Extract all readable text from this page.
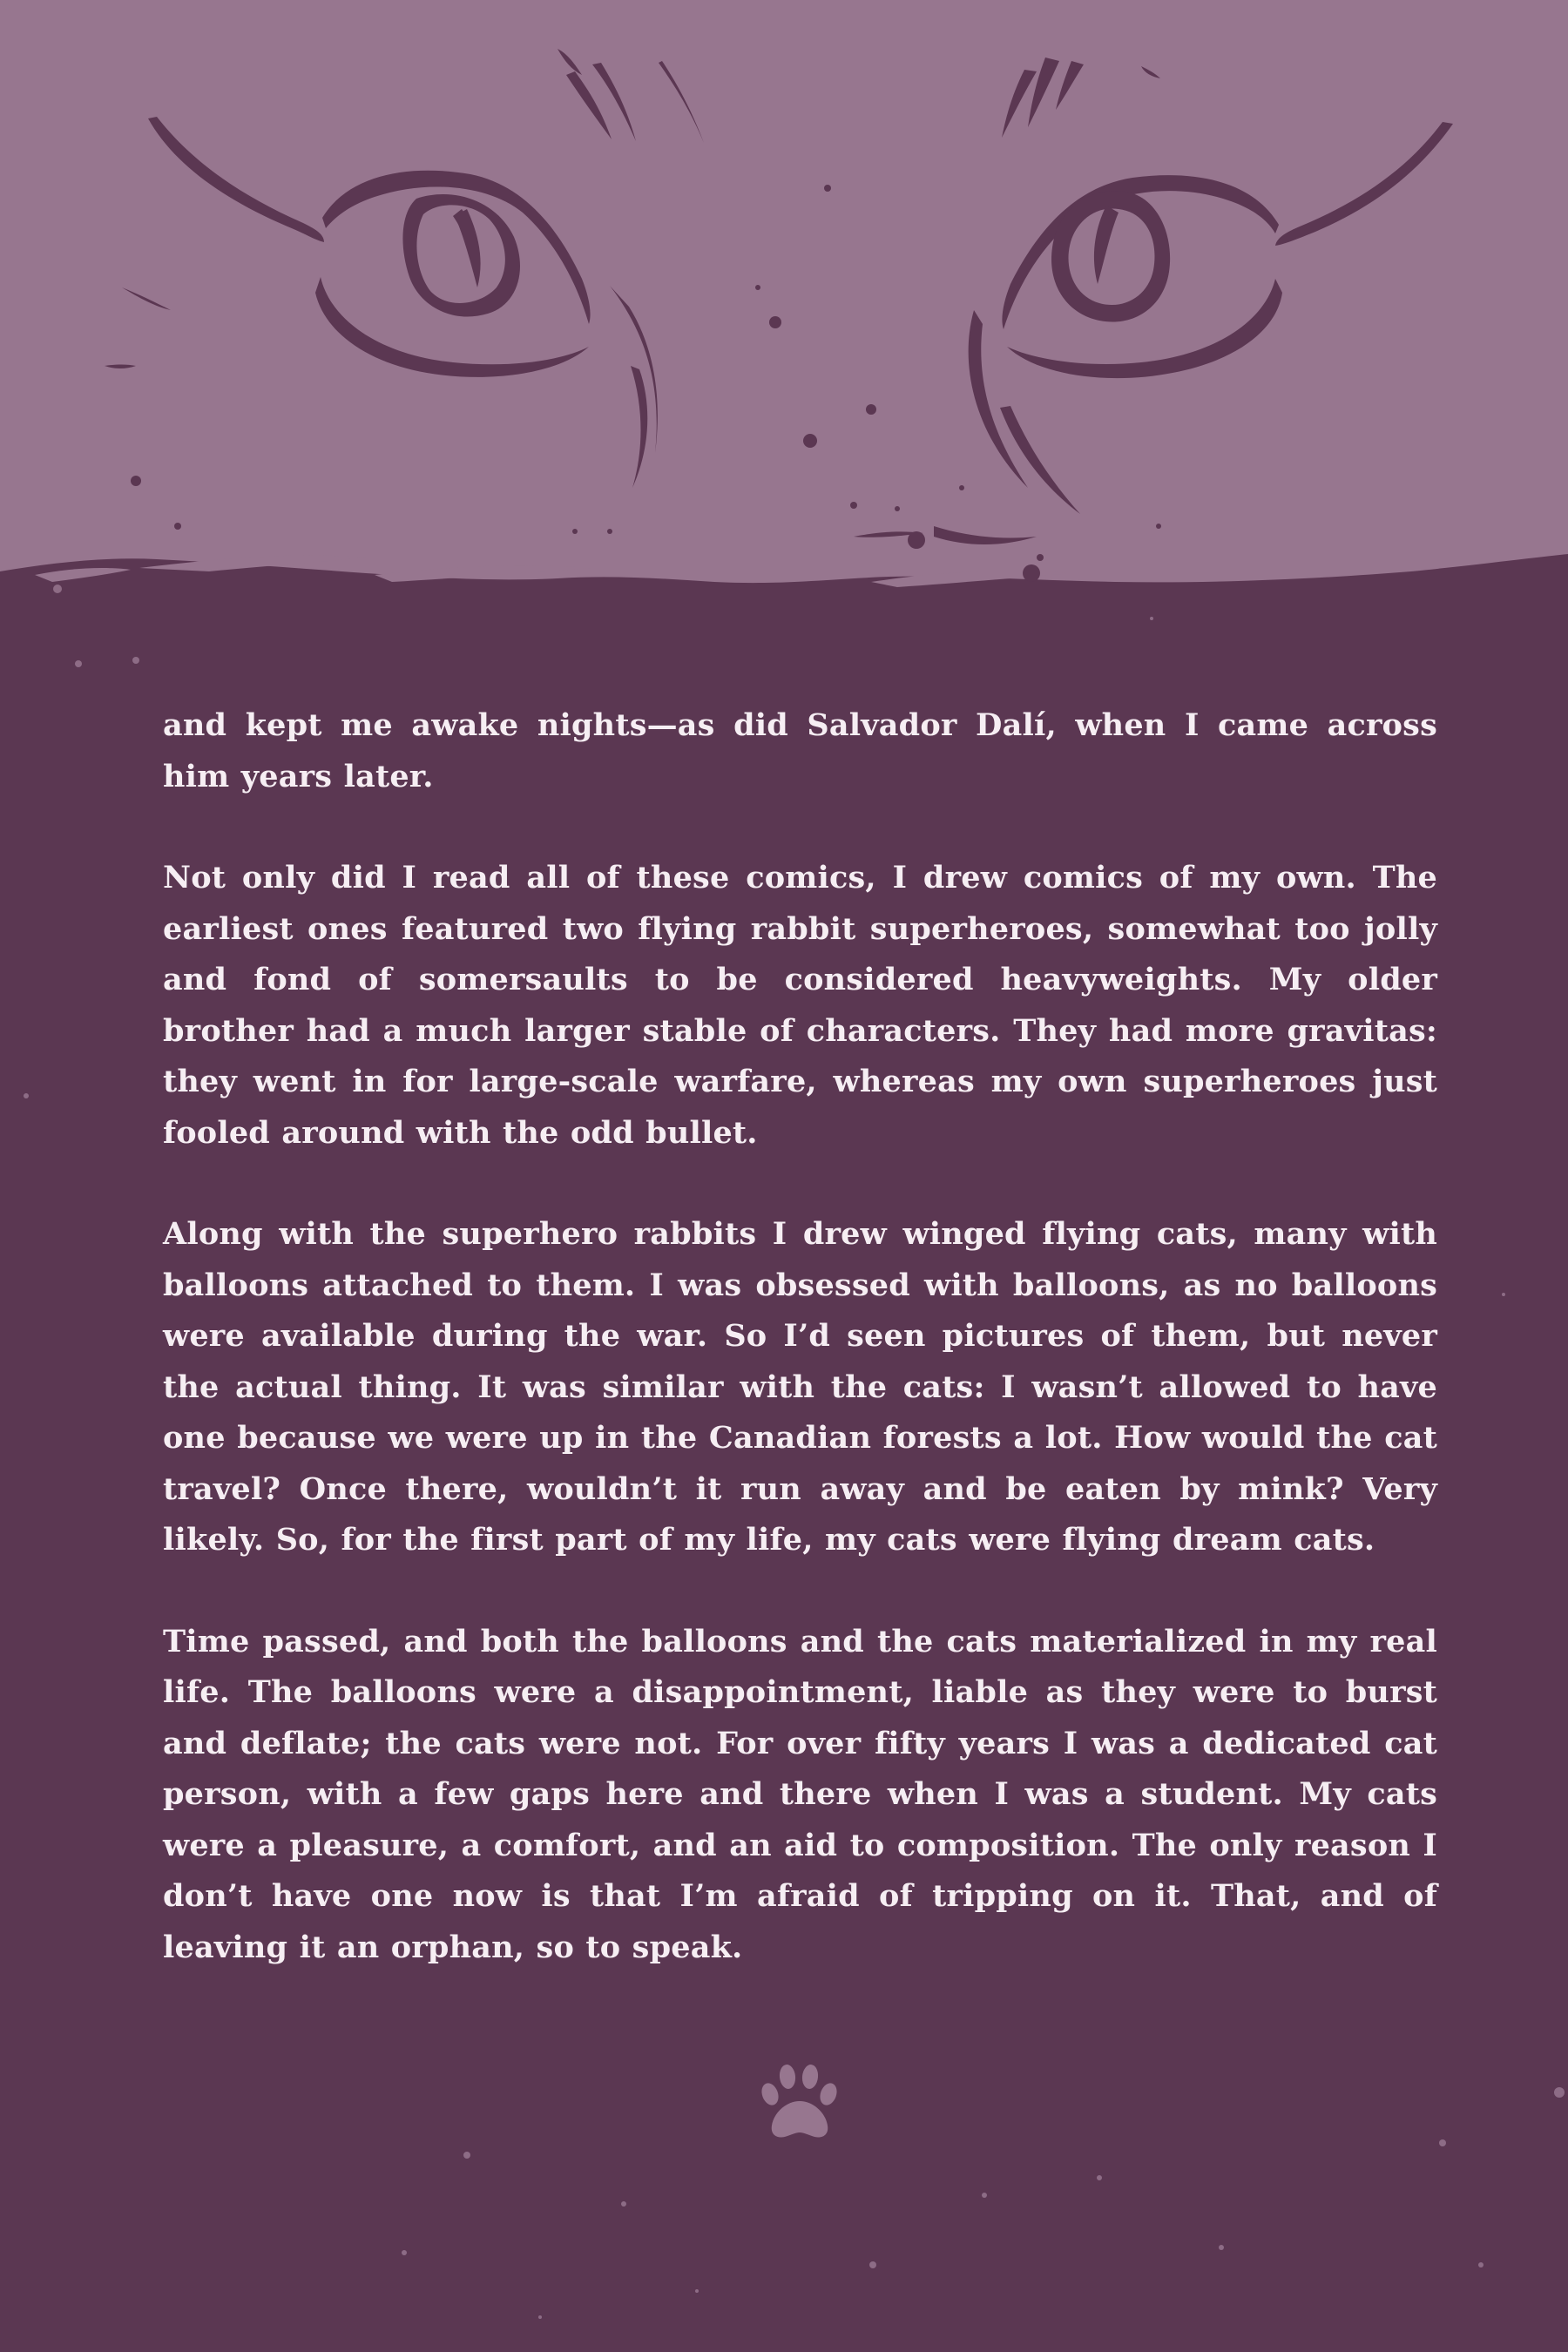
and kept me awake nights—as did Salvador Dalí, when I came across him years later.

Not only did I read all of these comics, I drew comics of my own. The earliest ones featured two flying rabbit superheroes, somewhat too jolly and fond of somersaults to be considered heavyweights. My older brother had a much larger stable of characters. They had more gravitas: they went in for large-scale warfare, whereas my own superheroes just fooled around with the odd bullet.

Along with the superhero rabbits I drew winged flying cats, many with balloons attached to them. I was obsessed with balloons, as no balloons were available during the war. So I’d seen pictures of them, but never the actual thing. It was similar with the cats: I wasn’t allowed to have one because we were up in the Canadian forests a lot. How would the cat travel? Once there, wouldn’t it run away and be eaten by mink? Very likely. So, for the first part of my life, my cats were flying dream cats.

Time passed, and both the balloons and the cats materialized in my real life. The balloons were a disappointment, liable as they were to burst and deflate; the cats were not. For over fifty years I was a dedicated cat person, with a few gaps here and there when I was a student. My cats were a pleasure, a comfort, and an aid to composition. The only reason I don’t have one now is that I’m afraid of tripping on it. That, and of leaving it an orphan, so to speak.
